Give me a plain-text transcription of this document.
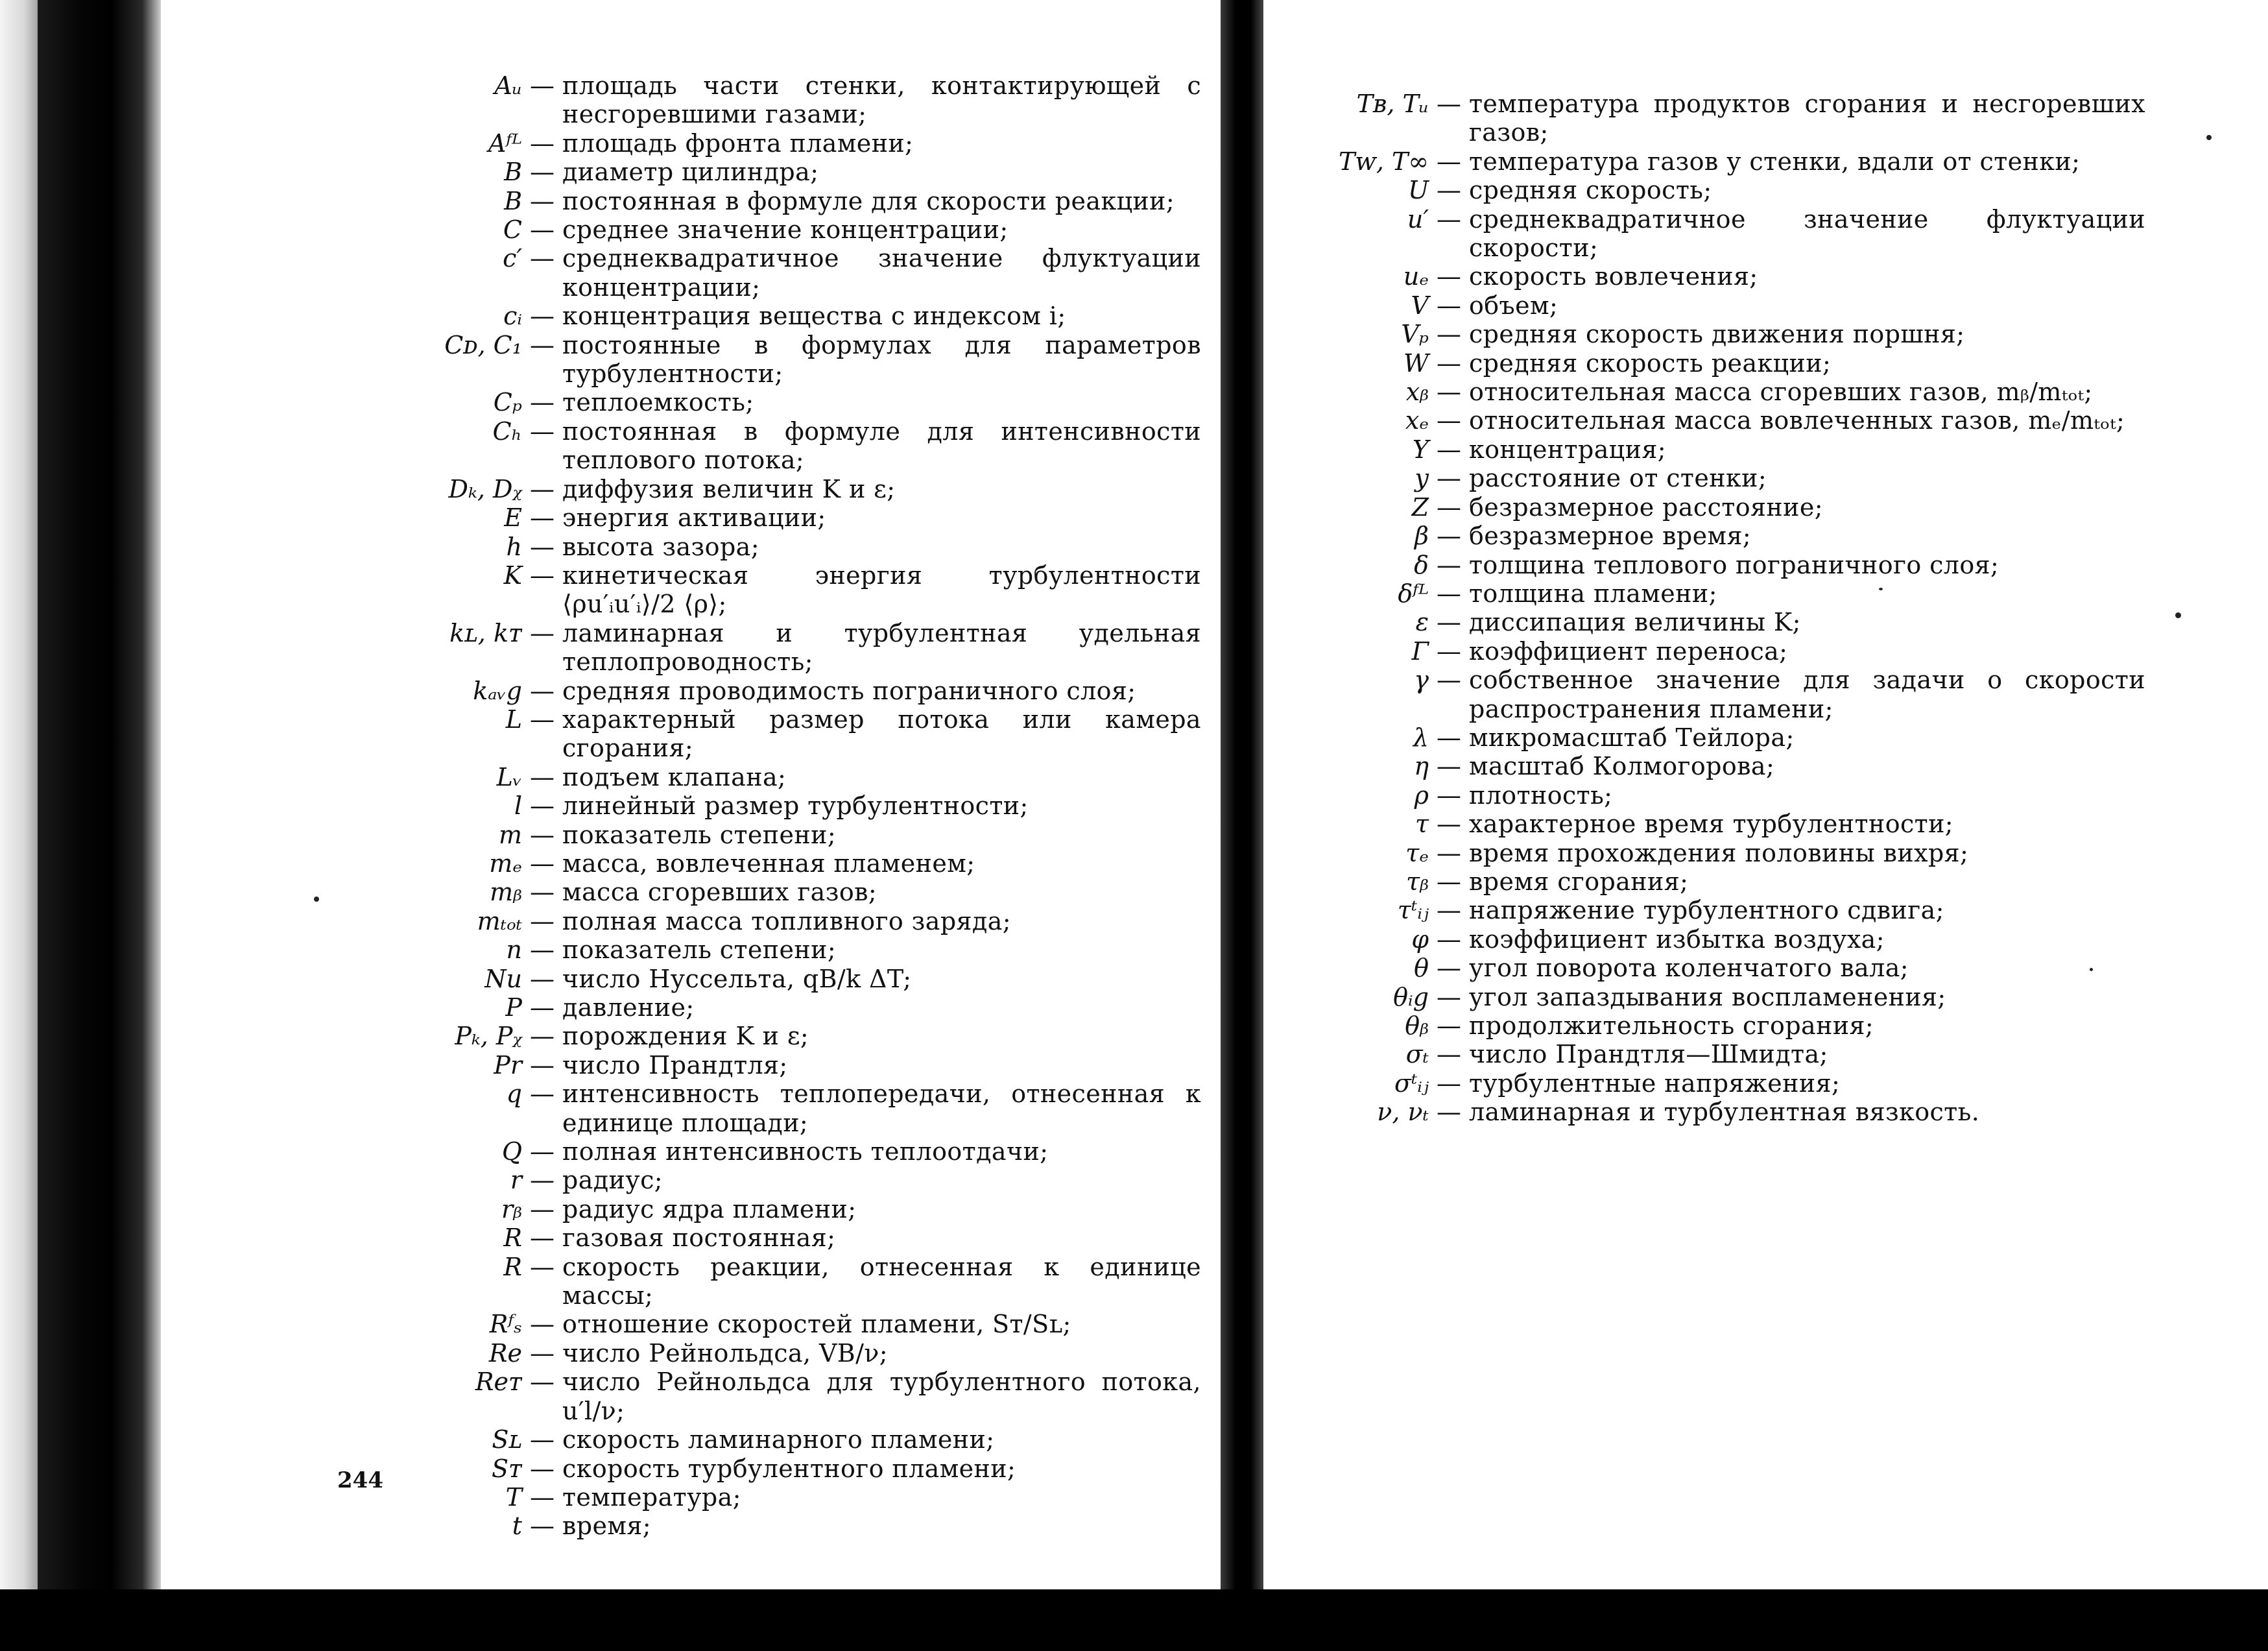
Aᵤ — площадь части стенки, контактирующей с несгоревшими газами;
Aᶠᴸ — площадь фронта пламени;
B — диаметр цилиндра;
B — постоянная в формуле для скорости реакции;
C — среднее значение концентрации;
c′ — среднеквадратичное значение флуктуации концентрации;
cᵢ — концентрация вещества с индексом i;
Cᴅ, C₁ — постоянные в формулах для параметров турбулентности;
Cₚ — теплоемкость;
Cₕ — постоянная в формуле для интенсивности теплового потока;
Dₖ, Dᵪ — диффузия величин K и ε;
E — энергия активации;
h — высота зазора;
K — кинетическая энергия турбулентности ⟨ρu′ᵢu′ᵢ⟩/2 ⟨ρ⟩;
kʟ, kᴛ — ламинарная и турбулентная удельная теплопроводность;
kₐᵥg — средняя проводимость пограничного слоя;
L — характерный размер потока или камера сгорания;
Lᵥ — подъем клапана;
l — линейный размер турбулентности;
m — показатель степени;
mₑ — масса, вовлеченная пламенем;
mᵦ — масса сгоревших газов;
mₜₒₜ — полная масса топливного заряда;
n — показатель степени;
Nu — число Нуссельта, qB/k ΔT;
P — давление;
Pₖ, Pᵪ — порождения K и ε;
Pr — число Прандтля;
q — интенсивность теплопередачи, отнесенная к единице площади;
Q — полная интенсивность теплоотдачи;
r — радиус;
rᵦ — радиус ядра пламени;
R — газовая постоянная;
R — скорость реакции, отнесенная к единице массы;
Rᶠₛ — отношение скоростей пламени, Sᴛ/Sʟ;
Re — число Рейнольдса, VB/ν;
Reᴛ — число Рейнольдса для турбулентного потока, u′l/ν;
Sʟ — скорость ламинарного пламени;
Sᴛ — скорость турбулентного пламени;
T — температура;
t — время;
Tʙ, Tᵤ — температура продуктов сгорания и несгоревших газов;
Tᴡ, T∞ — температура газов у стенки, вдали от стенки;
U — средняя скорость;
u′ — среднеквадратичное значение флуктуации скорости;
uₑ — скорость вовлечения;
V — объем;
Vₚ — средняя скорость движения поршня;
W — средняя скорость реакции;
xᵦ — относительная масса сгоревших газов, mᵦ/mₜₒₜ;
xₑ — относительная масса вовлеченных газов, mₑ/mₜₒₜ;
Y — концентрация;
y — расстояние от стенки;
Z — безразмерное расстояние;
β — безразмерное время;
δ — толщина теплового пограничного слоя;
δᶠᴸ — толщина пламени;
ε — диссипация величины K;
Γ — коэффициент переноса;
γ — собственное значение для задачи о скорости распространения пламени;
λ — микромасштаб Тейлора;
η — масштаб Колмогорова;
ρ — плотность;
τ — характерное время турбулентности;
τₑ — время прохождения половины вихря;
τᵦ — время сгорания;
τᵗᵢⱼ — напряжение турбулентного сдвига;
φ — коэффициент избытка воздуха;
θ — угол поворота коленчатого вала;
θᵢg — угол запаздывания воспламенения;
θᵦ — продолжительность сгорания;
σₜ — число Прандтля—Шмидта;
σᵗᵢⱼ — турбулентные напряжения;
ν, νₜ — ламинарная и турбулентная вязкость.
244
